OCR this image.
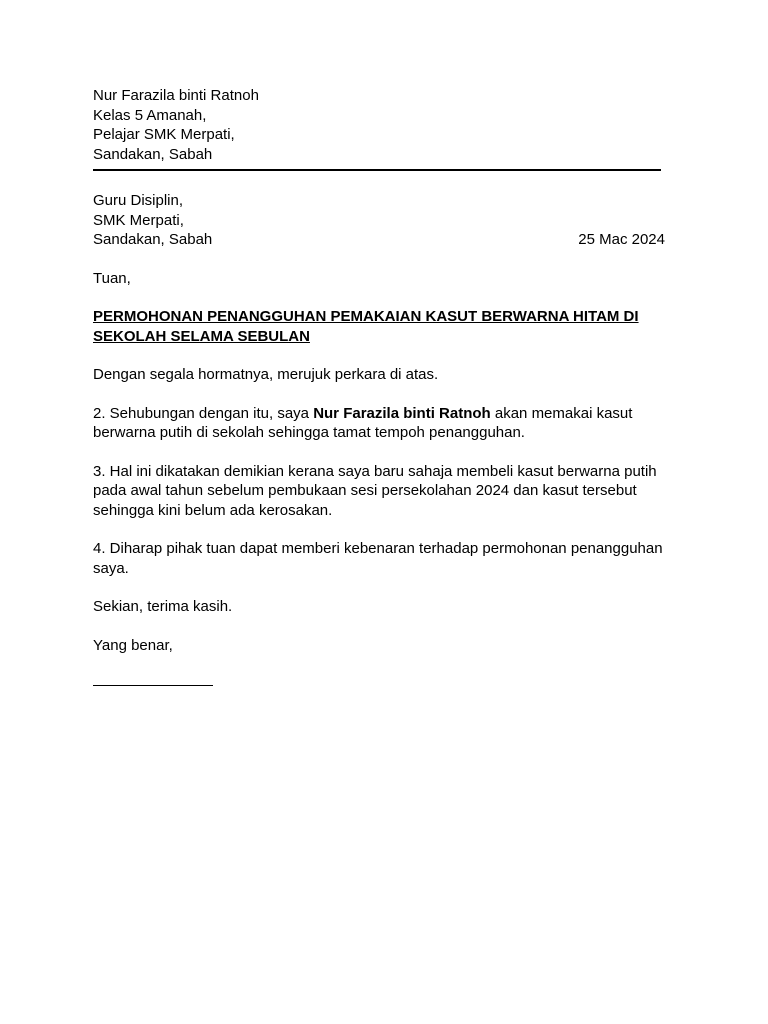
Nur Farazila binti Ratnoh
Kelas 5 Amanah,
Pelajar SMK Merpati,
Sandakan, Sabah
Guru Disiplin,
SMK Merpati,
Sandakan, Sabah	25 Mac 2024
Tuan,
PERMOHONAN PENANGGUHAN PEMAKAIAN KASUT BERWARNA HITAM DI SEKOLAH SELAMA SEBULAN
Dengan segala hormatnya, merujuk perkara di atas.
2. Sehubungan dengan itu, saya Nur Farazila binti Ratnoh akan memakai kasut berwarna putih di sekolah sehingga tamat tempoh penangguhan.
3. Hal ini dikatakan demikian kerana saya baru sahaja membeli kasut berwarna putih pada awal tahun sebelum pembukaan sesi persekolahan 2024 dan kasut tersebut sehingga kini belum ada kerosakan.
4. Diharap pihak tuan dapat memberi kebenaran terhadap permohonan penangguhan saya.
Sekian, terima kasih.
Yang benar,
